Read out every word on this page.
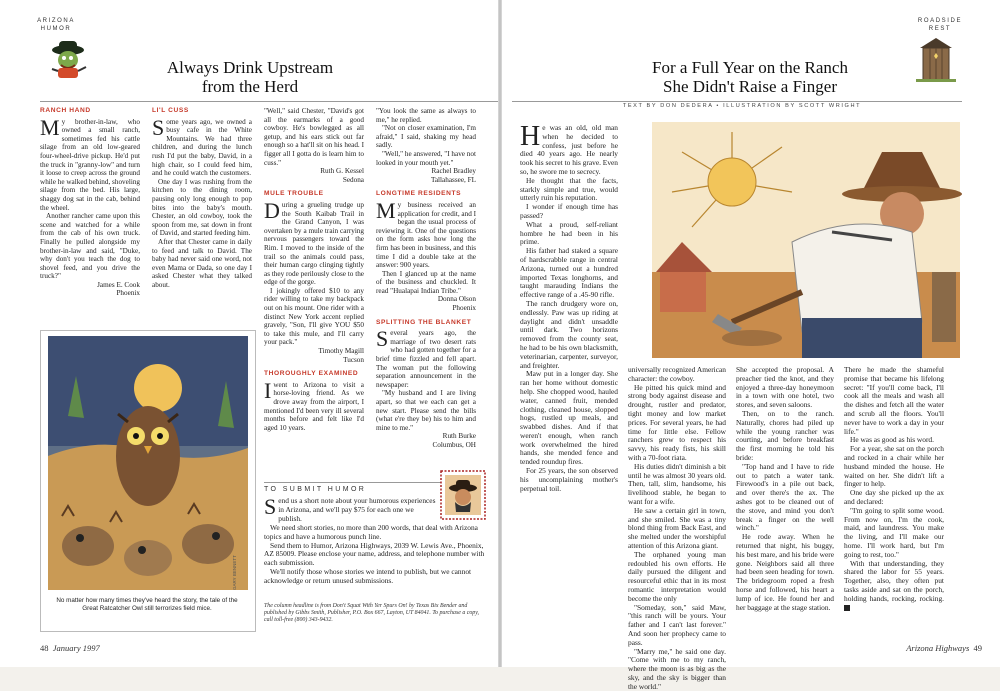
ARIZONA
HUMOR
Always Drink Upstream
from the Herd
RANCH HAND

My brother-in-law, who owned a small ranch, sometimes fed his cattle silage from an old low-geared four-wheel-drive pickup. He'd put the truck in "granny-low" and turn it loose to creep across the ground while he walked behind, shoveling silage from the bed. His large, shaggy dog sat in the cab, behind the wheel.

Another rancher came upon this scene and watched for a while from the cab of his own truck. Finally he pulled alongside my brother-in-law and said, "Duke, why don't you teach the dog to shovel feed, and you drive the truck?"

James E. Cook
Phoenix
LI'L CUSS

Some years ago, we owned a busy cafe in the White Mountains. We had three children, and during the lunch rush I'd put the baby, David, in a high chair, so I could feed him, and he could watch the customers.

One day I was rushing from the kitchen to the dining room, pausing only long enough to pop bites into the baby's mouth. Chester, an old cowboy, took the spoon from me, sat down in front of David, and started feeding him.

After that Chester came in daily to feed and talk to David. The baby had never said one word, not even Mama or Dada, so one day I asked Chester what they talked about.

"Well," said Chester, "David's got all the earmarks of a good cowboy. He's bowlegged as all getup, and his ears stick out far enough so a hat'll sit on his head. I figger all I gotta do is learn him to cuss."

Ruth G. Kessel
Sedona
MULE TROUBLE

During a grueling trudge up the South Kaibab Trail in the Grand Canyon, I was overtaken by a mule train carrying nervous passengers toward the Rim. I moved to the inside of the trail so the animals could pass, their human cargo clinging tightly as they rode perilously close to the edge of the gorge.

I jokingly offered $10 to any rider willing to take my backpack out on his mount. One rider with a distinct New York accent replied gravely, "Son, I'll give YOU $50 to take this mule, and I'll carry your pack."

Timothy Magill
Tucson
THOROUGHLY EXAMINED

I went to Arizona to visit a horse-loving friend. As we drove away from the airport, I mentioned I'd been very ill several months before and felt like I'd aged 10 years.

"You look the same as always to me," he replied.

"Not on closer examination, I'm afraid," I said, shaking my head sadly.

"Well," he answered, "I have not looked in your mouth yet."

Rachel Bradley
Tallahassee, FL
LONGTIME RESIDENTS

My business received an application for credit, and I began the usual process of reviewing it. One of the questions on the form asks how long the firm has been in business, and this time I did a double take at the answer: 900 years.

Then I glanced up at the name of the business and chuckled. It read "Hualapai Indian Tribe."

Donna Olson
Phoenix
SPLITTING THE BLANKET

Several years ago, the marriage of two desert rats who had gotten together for a brief time fizzled and fell apart. The woman put the following separation announcement in the newspaper:

"My husband and I are living apart, so that we each can get a new start. Please send the bills (what e're they be) his to him and mine to me."

Ruth Burke
Columbus, OH
No matter how many times they've heard the story, the tale of the Great Ratcatcher Owl still terrorizes field mice.
GARY BENNETT
TO SUBMIT HUMOR

Send us a short note about your humorous experiences in Arizona, and we'll pay $75 for each one we publish.

We need short stories, no more than 200 words, that deal with Arizona topics and have a humorous punch line.

Send them to Humor, Arizona Highways, 2039 W. Lewis Ave., Phoenix, AZ 85009. Please enclose your name, address, and telephone number with each submission.

We'll notify those whose stories we intend to publish, but we cannot acknowledge or return unused submissions.

The column headline is from Don't Squat With Yer Spurs On! by Texas Bix Bender and published by Gibbs Smith, Publisher, P.O. Box 667, Layton, UT 84041. To purchase a copy, call toll-free (800) 343-9432.
48 January 1997
ROADSIDE
REST
For a Full Year on the Ranch
She Didn't Raise a Finger
TEXT BY DON DEDERA • ILLUSTRATION BY SCOTT WRIGHT

He was an old, old man when he decided to confess, just before he died 40 years ago. He nearly took his secret to his grave. Even so, he swore me to secrecy.

He thought that the facts, starkly simple and true, would utterly ruin his reputation.

I wonder if enough time has passed?

What a proud, self-reliant hombre he had been in his prime.

His father had staked a square of hardscrabble range in central Arizona, turned out a hundred imported Texas longhorns, and taught marauding Indians the effective range of a .45-90 rifle.

The ranch drudgery wore on, endlessly. Paw was up riding at daylight and didn't unsaddle until dark. Two horizons removed from the county seat, he had to be his own blacksmith, veterinarian, carpenter, surveyor, and freighter.

Maw put in a longer day. She ran her home without domestic help. She chopped wood, hauled water, canned fruit, mended clothing, cleaned house, slopped hogs, rustled up meals, and swabbed dishes. And if that weren't enough, when ranch work overwhelmed the hired hands, she mended fence and tended roundup fires.

For 25 years, the son observed his uncomplaining mother's perpetual toil.

universally recognized American character: the cowboy.

He pitted his quick mind and strong body against disease and drought, rustler and predator, tight money and low market prices. For several years, he had time for little else. Fellow ranchers grew to respect his savvy, his ready fists, his skill with a 70-foot riata.

His duties didn't diminish a bit until he was almost 30 years old. Then, tall, slim, handsome, his livelihood stable, he began to want for a wife.

He saw a certain girl in town, and she smiled. She was a tiny blond thing from Back East, and she melted under the worshipful attention of this Arizona giant.

The orphaned young man redoubled his own efforts. He daily pursued the diligent and resourceful ethic that in its most romantic interpretation would become the only

"Someday, son," said Maw, "this ranch will be yours. Your father and I can't last forever." And soon her prophecy came to pass.

"Marry me," he said one day. "Come with me to my ranch, where the moon is as big as the sky, and the sky is bigger than the world."

She accepted the proposal. A preacher tied the knot, and they enjoyed a three-day honeymoon in a town with one hotel, two stores, and seven saloons.

Then, on to the ranch. Naturally, chores had piled up while the young rancher was courting, and before breakfast the first morning he told his bride:

"Top hand and I have to ride out to patch a water tank. Firewood's in a pile out back, and over there's the ax. The ashes got to be cleaned out of the stove, and mind you don't break a finger on the well winch."

He rode away. When he returned that night, his buggy, his best mare, and his bride were gone. Neighbors said all three had been seen heading for town. The bridegroom roped a fresh horse and followed, his heart a lump of ice. He found her and her baggage at the stage station.

There he made the shameful promise that became his lifelong secret: "If you'll come back, I'll cook all the meals and wash all the dishes and fetch all the water and scrub all the floors. You'll never have to work a day in your life."

He was as good as his word.

For a year, she sat on the porch and rocked in a chair while her husband minded the house. He waited on her. She didn't lift a finger to help.

One day she picked up the ax and declared:

"I'm going to split some wood. From now on, I'm the cook, maid, and laundress. You make the living, and I'll make our home. I'll work hard, but I'm going to rest, too."

With that understanding, they shared the labor for 55 years. Together, also, they often put tasks aside and sat on the porch, holding hands, rocking, rocking.

Arizona Highways 49
